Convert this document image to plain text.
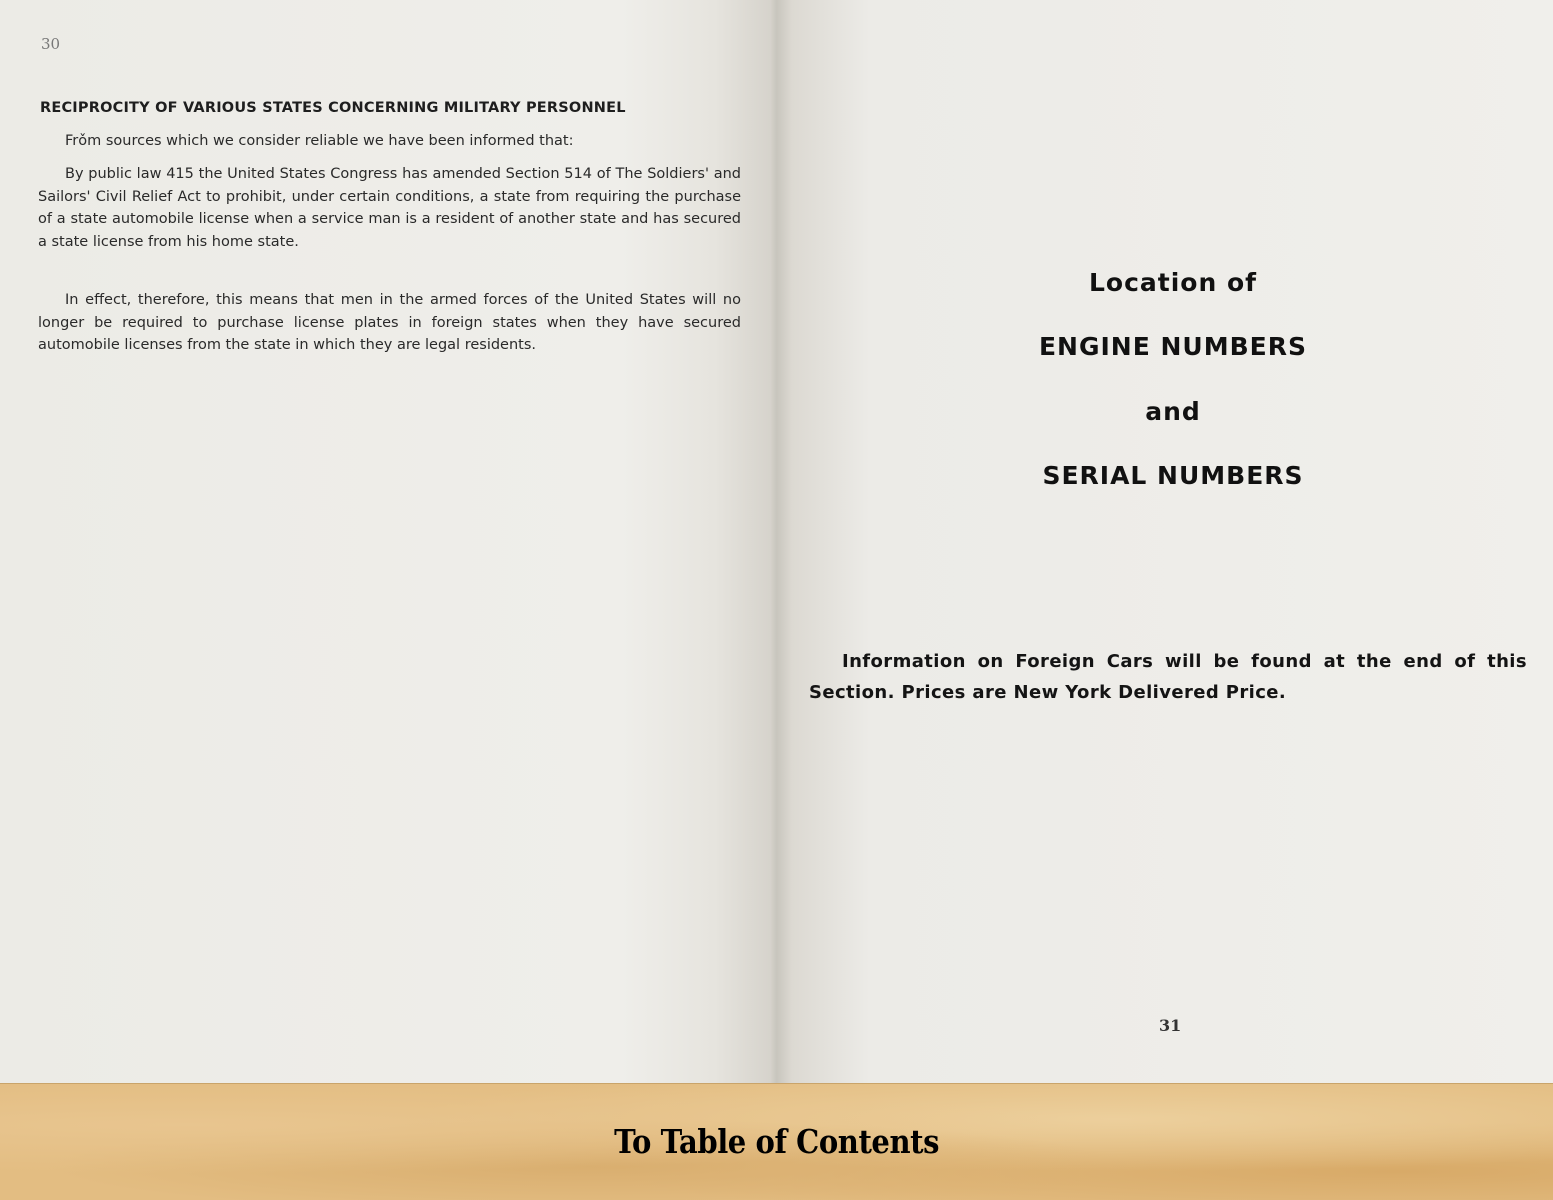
30
RECIPROCITY OF VARIOUS STATES CONCERNING MILITARY PERSONNEL

Frǒm sources which we consider reliable we have been informed that:

By public law 415 the United States Congress has amended Section 514 of The Soldiers' and Sailors' Civil Relief Act to prohibit, under certain conditions, a state from requiring the purchase of a state automobile license when a service man is a resident of another state and has secured a state license from his home state.

In effect, therefore, this means that men in the armed forces of the United States will no longer be required to purchase license plates in foreign states when they have secured automobile licenses from the state in which they are legal residents.

Location of
ENGINE NUMBERS
and
SERIAL NUMBERS

Information on Foreign Cars will be found at the end of this Section. Prices are New York Delivered Price.

31
To Table of Contents
